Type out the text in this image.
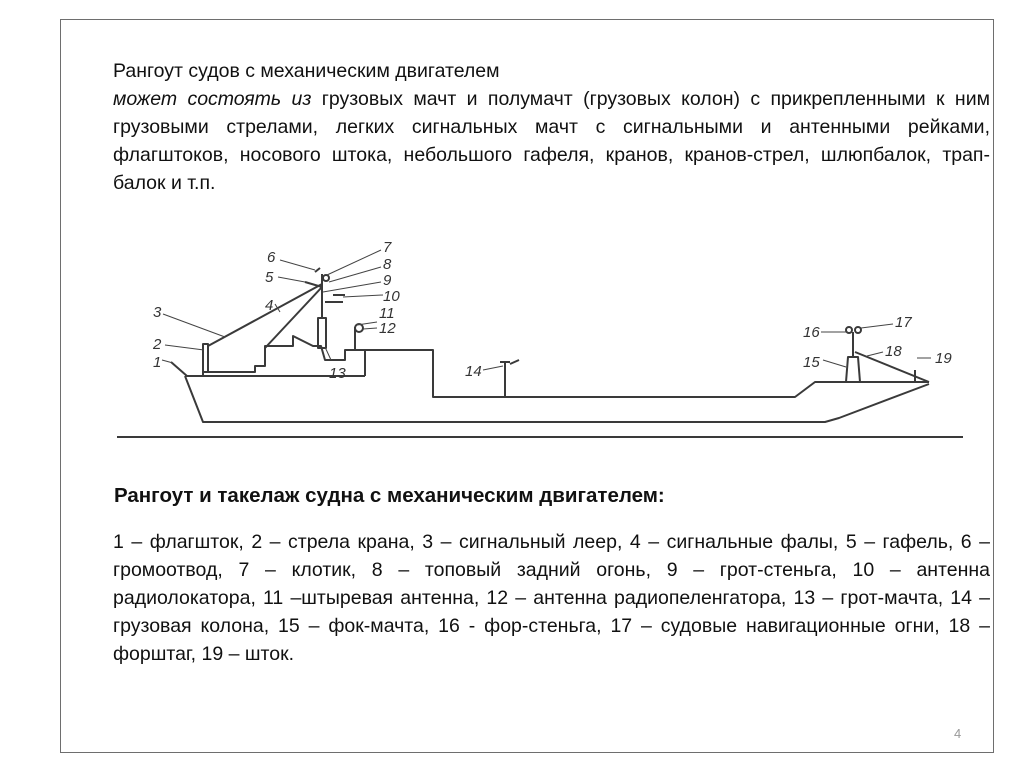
Рангоут судов с механическим двигателем
может состоять из грузовых мачт и полумачт (грузовых колон) с прикрепленными к ним грузовыми стрелами, легких сигнальных мачт с сигнальными и антенными рейками, флагштоков, носового штока, небольшого гафеля, кранов, кранов-стрел, шлюпбалок, трап-балок и т.п.
1
2
3	4
5
6
7
8
9
10
11
12
13	14
15
16
17
18 19
Рангоут и такелаж судна с механическим двигателем:
1 – флагшток, 2 – стрела крана, 3 – сигнальный леер, 4 – сигнальные фалы, 5 – гафель, 6 – громоотвод, 7 – клотик, 8 – топовый задний огонь, 9 – грот-стеньга, 10 – антенна радиолокатора, 11 –штыревая антенна, 12 – антенна радиопеленгатора, 13 – грот-мачта, 14 – грузовая колона, 15 – фок-мачта, 16 - фор-стеньга, 17 – судовые навигационные огни, 18 – форштаг, 19 – шток.
4
